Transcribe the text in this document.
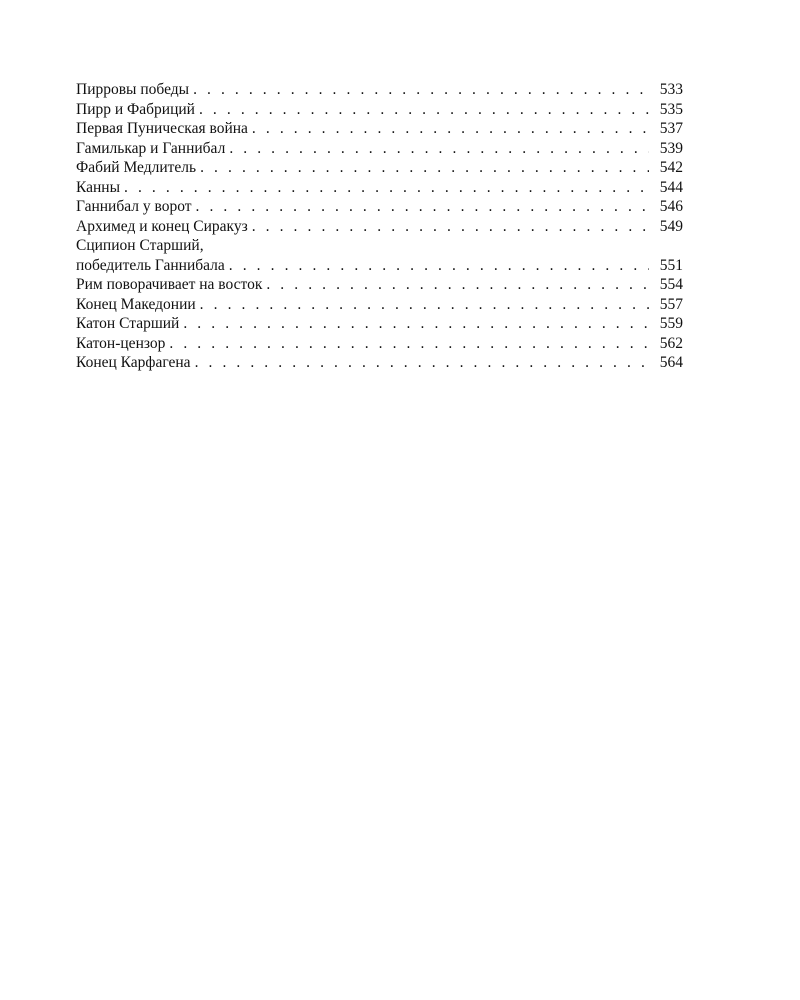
Пирровы победы . . .	533
Пирр и Фабриций . . .	535
Первая Пуническая война . . .	537
Гамилькар и Ганнибал . . .	539
Фабий Медлитель . . .	542
Канны . . .	544
Ганнибал у ворот . . .	546
Архимед и конец Сиракуз . . .	549
Сципион Старший,
победитель Ганнибала . . .	551
Рим поворачивает на восток . . .	554
Конец Македонии . . .	557
Катон Старший . . .	559
Катон-цензор . . .	562
Конец Карфагена . . .	564
